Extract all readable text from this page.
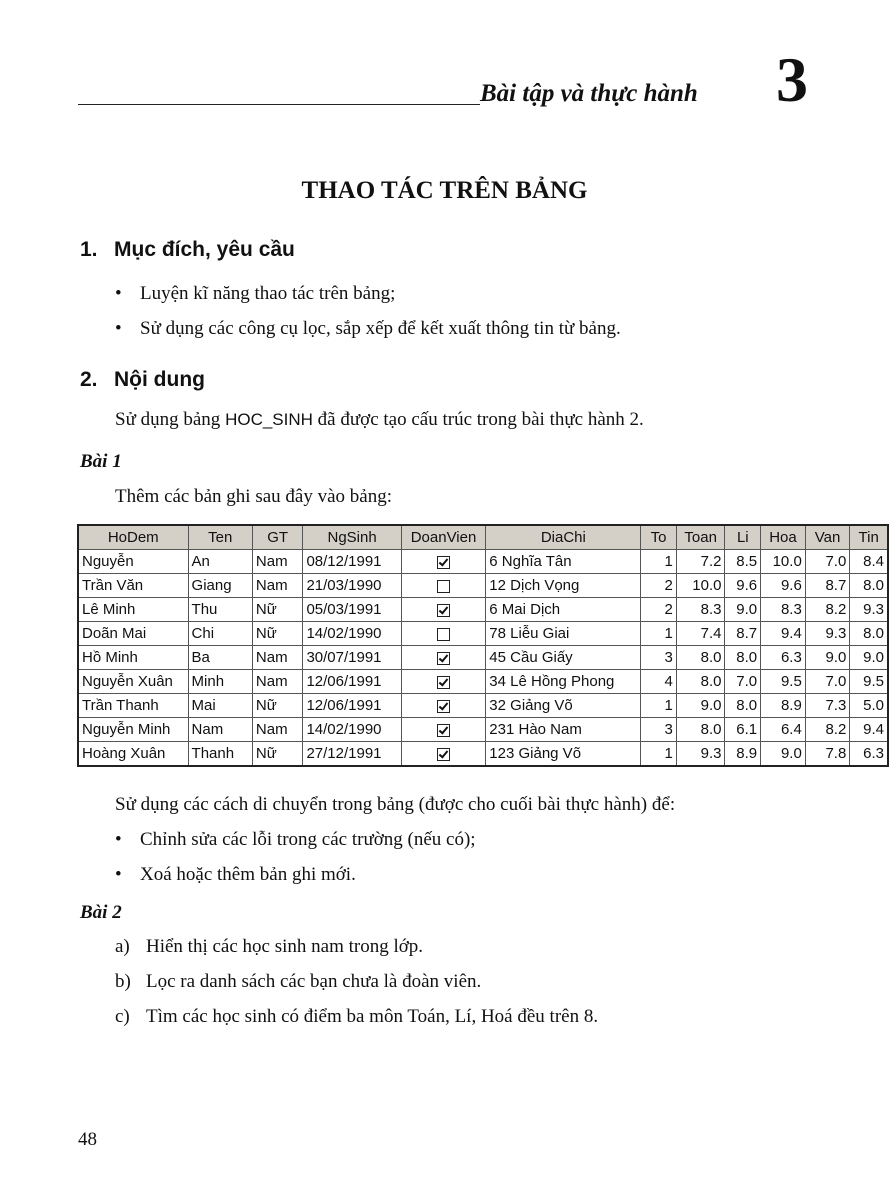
Bài tập và thực hành 3
THAO TÁC TRÊN BẢNG
1. Mục đích, yêu cầu
• Luyện kĩ năng thao tác trên bảng;
• Sử dụng các công cụ lọc, sắp xếp để kết xuất thông tin từ bảng.
2. Nội dung
Sử dụng bảng HOC_SINH đã được tạo cấu trúc trong bài thực hành 2.
Bài 1
Thêm các bản ghi sau đây vào bảng:
HoDem	Ten	GT	NgSinh	DoanVien	DiaChi	To	Toan	Li	Hoa	Van	Tin
Nguyễn	An	Nam	08/12/1991		6 Nghĩa Tân	1	7.2	8.5	10.0	7.0	8.4
Trần Văn	Giang	Nam	21/03/1990		12 Dịch Vọng	2	10.0	9.6	9.6	8.7	8.0
Lê Minh	Thu	Nữ	05/03/1991		6 Mai Dịch	2	8.3	9.0	8.3	8.2	9.3
Doãn Mai	Chi	Nữ	14/02/1990		78 Liễu Giai	1	7.4	8.7	9.4	9.3	8.0
Hồ Minh	Ba	Nam	30/07/1991		45 Cầu Giấy	3	8.0	8.0	6.3	9.0	9.0
Nguyễn Xuân	Minh	Nam	12/06/1991		34 Lê Hồng Phong	4	8.0	7.0	9.5	7.0	9.5
Trần Thanh	Mai	Nữ	12/06/1991		32 Giảng Võ	1	9.0	8.0	8.9	7.3	5.0
Nguyễn Minh	Nam	Nam	14/02/1990		231 Hào Nam	3	8.0	6.1	6.4	8.2	9.4
Hoàng Xuân	Thanh	Nữ	27/12/1991		123 Giảng Võ	1	9.3	8.9	9.0	7.8	6.3
Sử dụng các cách di chuyển trong bảng (được cho cuối bài thực hành) để:
• Chỉnh sửa các lỗi trong các trường (nếu có);
• Xoá hoặc thêm bản ghi mới.
Bài 2
a) Hiển thị các học sinh nam trong lớp.
b) Lọc ra danh sách các bạn chưa là đoàn viên.
c) Tìm các học sinh có điểm ba môn Toán, Lí, Hoá đều trên 8.
48
